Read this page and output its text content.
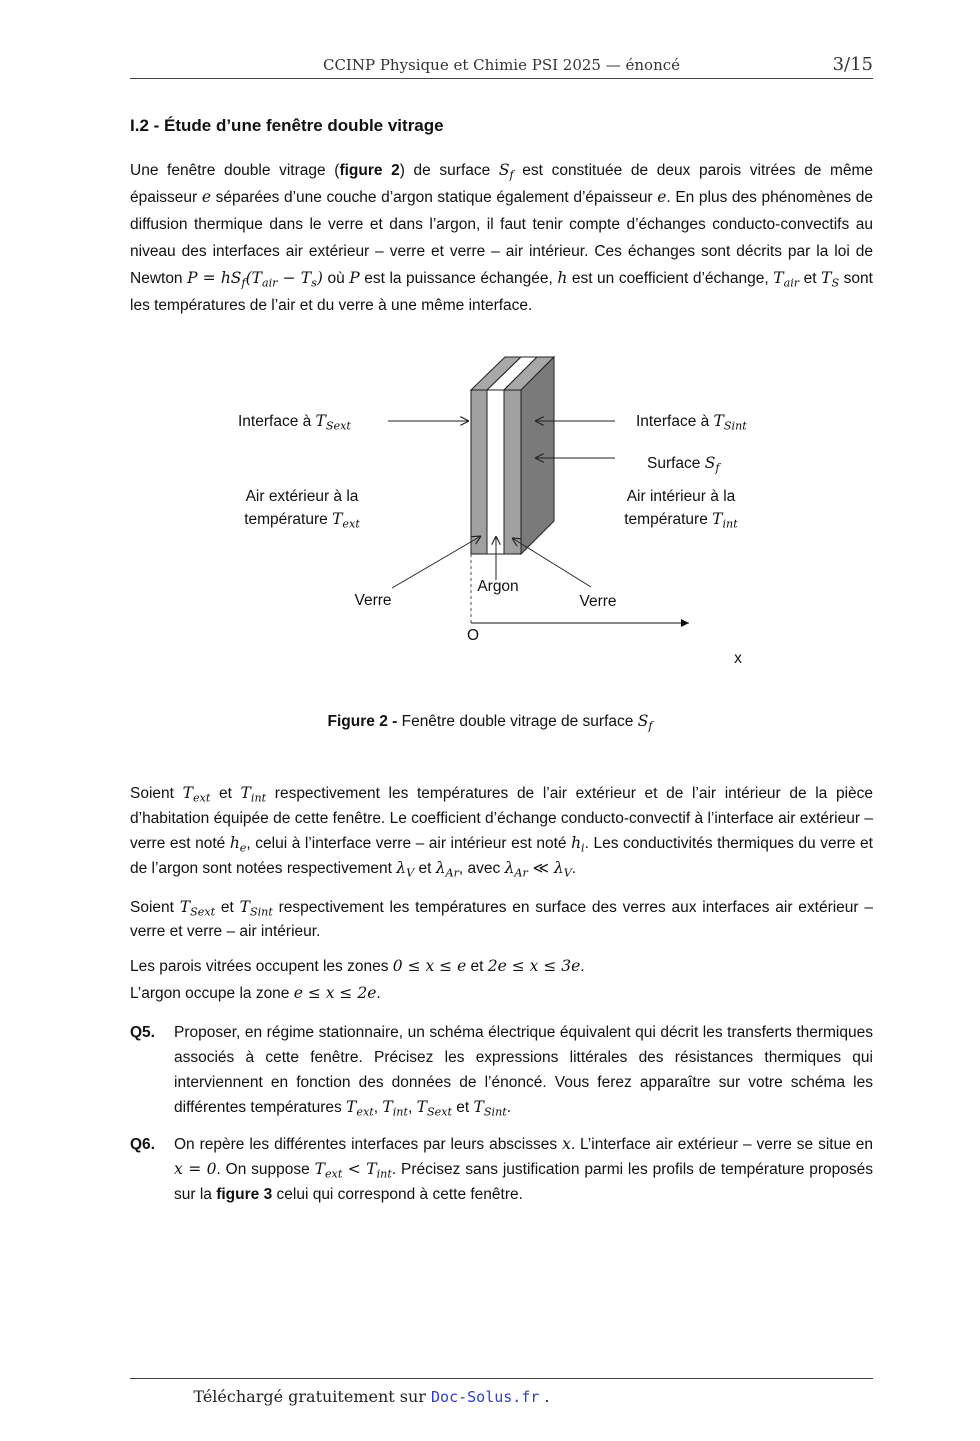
CCINP Physique et Chimie PSI 2025 — énoncé	3/15
I.2 - Étude d’une fenêtre double vitrage

Une fenêtre double vitrage (figure 2) de surface $S_f$ est constituée de deux parois vitrées de même épaisseur e séparées d’une couche d’argon statique également d’épaisseur e. En plus des phénomènes de diffusion thermique dans le verre et dans l’argon, il faut tenir compte d’échanges conducto-convectifs au niveau des interfaces air extérieur – verre et verre – air intérieur. Ces échanges sont décrits par la loi de Newton $P = hS_f(T_{air} - T_s)$ où P est la puissance échangée, h est un coefficient d’échange, $T_{air}$ et $T_S$ sont les températures de l’air et du verre à une même interface.

Interface à $T_{Sext}$	Interface à $T_{Sint}$
Surface $S_f$
Air extérieur à la
température $T_{ext}$
Air intérieur à la
température $T_{int}$
Verre
Argon
Verre
O
x
Figure 2 - Fenêtre double vitrage de surface $S_f$

Soient $T_{ext}$ et $T_{int}$ respectivement les températures de l’air extérieur et de l’air intérieur de la pièce d’habitation équipée de cette fenêtre. Le coefficient d’échange conducto-convectif à l’interface air extérieur – verre est noté $h_e$, celui à l’interface verre – air intérieur est noté $h_i$. Les conductivités thermiques du verre et de l’argon sont notées respectivement $\lambda_V$ et $\lambda_{Ar}$, avec $\lambda_{Ar}$ ≪ $\lambda_V$.

Soient $T_{Sext}$ et $T_{Sint}$ respectivement les températures en surface des verres aux interfaces air extérieur – verre et verre – air intérieur.

Les parois vitrées occupent les zones 0 ≤ x ≤ e et 2e ≤ x ≤ 3e.
L’argon occupe la zone e ≤ x ≤ 2e.

Q5. Proposer, en régime stationnaire, un schéma électrique équivalent qui décrit les transferts thermiques associés à cette fenêtre. Précisez les expressions littérales des résistances thermiques qui interviennent en fonction des données de l’énoncé. Vous ferez apparaître sur votre schéma les différentes températures $T_{ext}$, $T_{int}$, $T_{Sext}$ et $T_{Sint}$.
Q6. On repère les différentes interfaces par leurs abscisses x. L’interface air extérieur – verre se situe en x = 0. On suppose $T_{ext} < T_{int}$. Précisez sans justification parmi les profils de température proposés sur la figure 3 celui qui correspond à cette fenêtre.
Téléchargé gratuitement sur Doc-Solus.fr .
